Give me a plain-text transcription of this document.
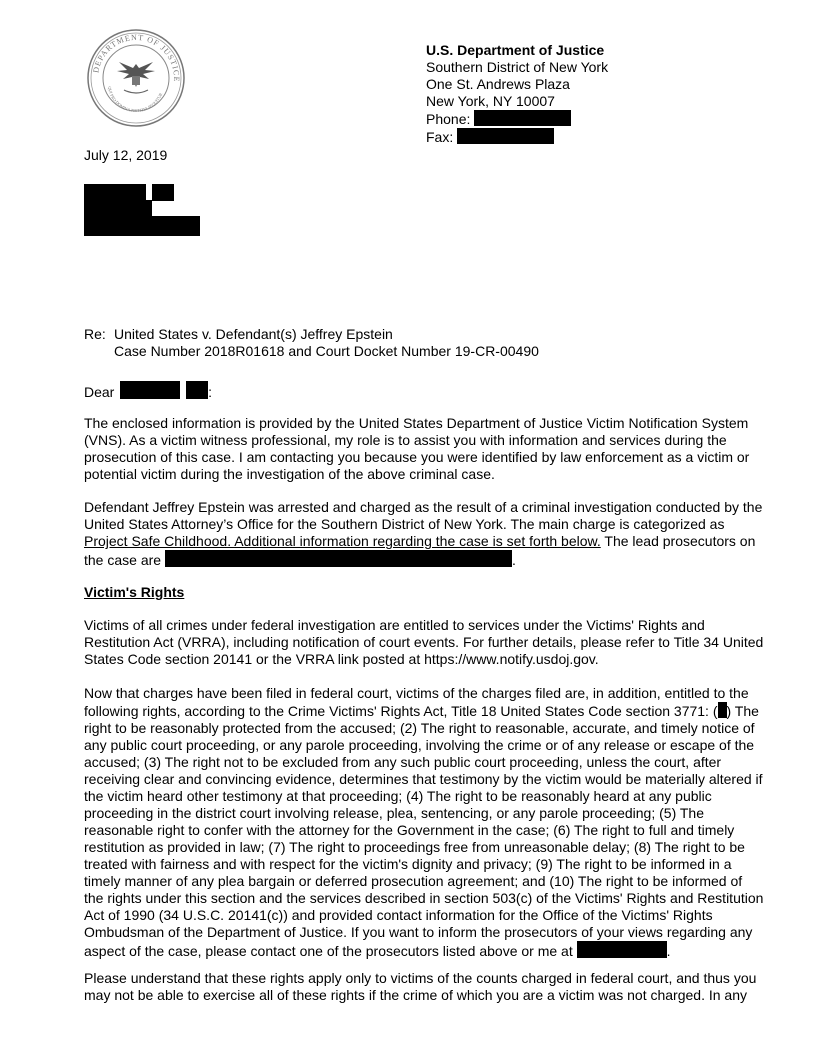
DEPARTMENT OF JUSTICE
QUI PRO DOMINA JUSTITIA SEQUITUR
U.S. Department of Justice
Southern District of New York
One St. Andrews Plaza
New York, NY 10007
Phone:
Fax:
July 12, 2019
Re: United States v. Defendant(s) Jeffrey Epstein
Case Number 2018R01618 and Court Docket Number 19-CR-00490
Dear	:
The enclosed information is provided by the United States Department of Justice Victim Notification System (VNS). As a victim witness professional, my role is to assist you with information and services during the prosecution of this case. I am contacting you because you were identified by law enforcement as a victim or potential victim during the investigation of the above criminal case.
Defendant Jeffrey Epstein was arrested and charged as the result of a criminal investigation conducted by the United States Attorney’s Office for the Southern District of New York. The main charge is categorized as Project Safe Childhood. Additional information regarding the case is set forth below. The lead prosecutors on the case are	.
Victim's Rights
Victims of all crimes under federal investigation are entitled to services under the Victims' Rights and Restitution Act (VRRA), including notification of court events. For further details, please refer to Title 34 United States Code section 20141 or the VRRA link posted at https://www.notify.usdoj.gov.
Now that charges have been filed in federal court, victims of the charges filed are, in addition, entitled to the following rights, according to the Crime Victims' Rights Act, Title 18 United States Code section 3771: ( ) The right to be reasonably protected from the accused; (2) The right to reasonable, accurate, and timely notice of any public court proceeding, or any parole proceeding, involving the crime or of any release or escape of the accused; (3) The right not to be excluded from any such public court proceeding, unless the court, after receiving clear and convincing evidence, determines that testimony by the victim would be materially altered if the victim heard other testimony at that proceeding; (4) The right to be reasonably heard at any public proceeding in the district court involving release, plea, sentencing, or any parole proceeding; (5) The reasonable right to confer with the attorney for the Government in the case; (6) The right to full and timely restitution as provided in law; (7) The right to proceedings free from unreasonable delay; (8) The right to be treated with fairness and with respect for the victim's dignity and privacy; (9) The right to be informed in a timely manner of any plea bargain or deferred prosecution agreement; and (10) The right to be informed of the rights under this section and the services described in section 503(c) of the Victims' Rights and Restitution Act of 1990 (34 U.S.C. 20141(c)) and provided contact information for the Office of the Victims' Rights Ombudsman of the Department of Justice. If you want to inform the prosecutors of your views regarding any aspect of the case, please contact one of the prosecutors listed above or me at	.
Please understand that these rights apply only to victims of the counts charged in federal court, and thus you may not be able to exercise all of these rights if the crime of which you are a victim was not charged. In any
